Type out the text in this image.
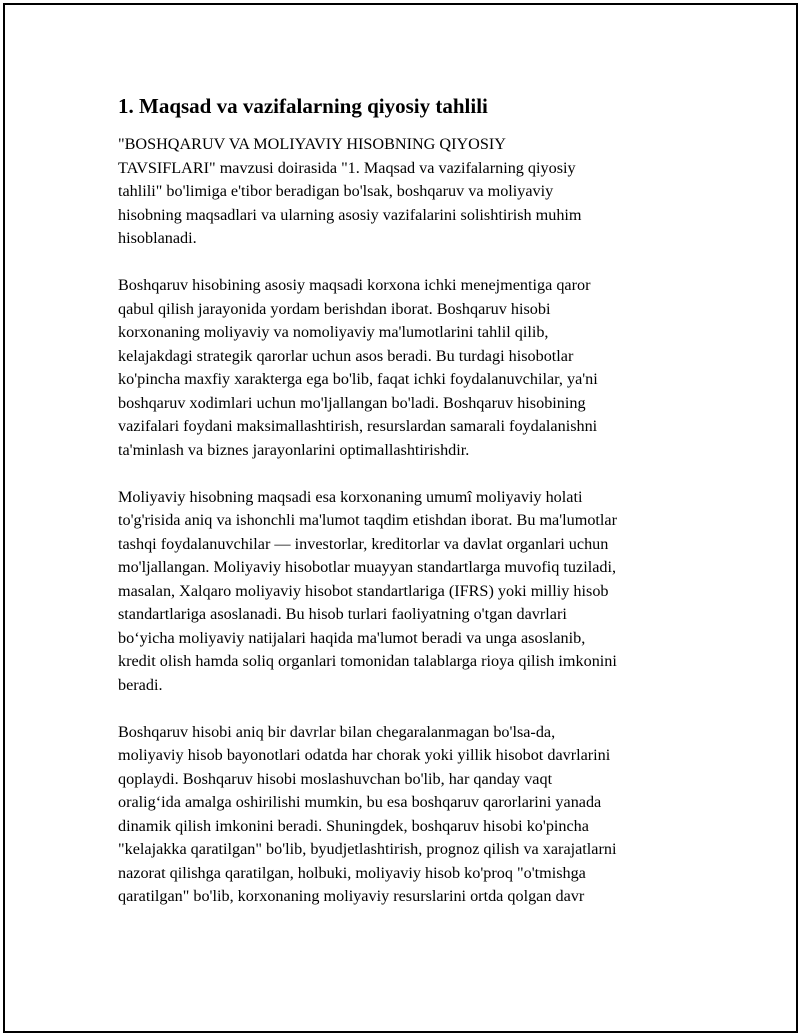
1. Maqsad va vazifalarning qiyosiy tahlili

"BOSHQARUV VA MOLIYAVIY HISOBNING QIYOSIY
TAVSIFLARI" mavzusi doirasida "1. Maqsad va vazifalarning qiyosiy
tahlili" bo'limiga e'tibor beradigan bo'lsak, boshqaruv va moliyaviy
hisobning maqsadlari va ularning asosiy vazifalarini solishtirish muhim
hisoblanadi.

Boshqaruv hisobining asosiy maqsadi korxona ichki menejmentiga qaror
qabul qilish jarayonida yordam berishdan iborat. Boshqaruv hisobi
korxonaning moliyaviy va nomoliyaviy ma'lumotlarini tahlil qilib,
kelajakdagi strategik qarorlar uchun asos beradi. Bu turdagi hisobotlar
ko'pincha maxfiy xarakterga ega bo'lib, faqat ichki foydalanuvchilar, ya'ni
boshqaruv xodimlari uchun mo'ljallangan bo'ladi. Boshqaruv hisobining
vazifalari foydani maksimallashtirish, resurslardan samarali foydalanishni
ta'minlash va biznes jarayonlarini optimallashtirishdir.

Moliyaviy hisobning maqsadi esa korxonaning umumî moliyaviy holati
to'g'risida aniq va ishonchli ma'lumot taqdim etishdan iborat. Bu ma'lumotlar
tashqi foydalanuvchilar — investorlar, kreditorlar va davlat organlari uchun
mo'ljallangan. Moliyaviy hisobotlar muayyan standartlarga muvofiq tuziladi,
masalan, Xalqaro moliyaviy hisobot standartlariga (IFRS) yoki milliy hisob
standartlariga asoslanadi. Bu hisob turlari faoliyatning o'tgan davrlari
bo‘yicha moliyaviy natijalari haqida ma'lumot beradi va unga asoslanib,
kredit olish hamda soliq organlari tomonidan talablarga rioya qilish imkonini
beradi.

Boshqaruv hisobi aniq bir davrlar bilan chegaralanmagan bo'lsa-da,
moliyaviy hisob bayonotlari odatda har chorak yoki yillik hisobot davrlarini
qoplaydi. Boshqaruv hisobi moslashuvchan bo'lib, har qanday vaqt
oralig‘ida amalga oshirilishi mumkin, bu esa boshqaruv qarorlarini yanada
dinamik qilish imkonini beradi. Shuningdek, boshqaruv hisobi ko'pincha
"kelajakka qaratilgan" bo'lib, byudjetlashtirish, prognoz qilish va xarajatlarni
nazorat qilishga qaratilgan, holbuki, moliyaviy hisob ko'proq "o'tmishga
qaratilgan" bo'lib, korxonaning moliyaviy resurslarini ortda qolgan davr
